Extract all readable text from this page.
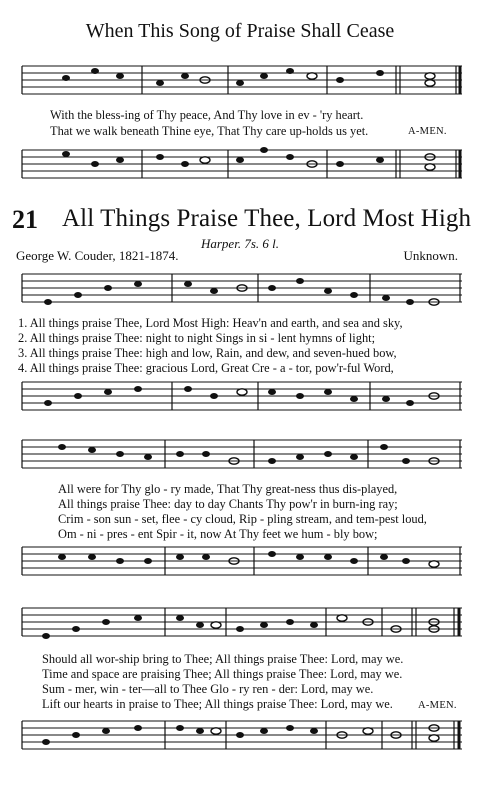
When This Song of Praise Shall Cease
With the bless-ing of Thy peace, And Thy love in ev - 'ry heart.
That we walk beneath Thine eye, That Thy care up-holds us yet.	A-MEN.
21 All Things Praise Thee, Lord Most High
Harper. 7s. 6 l.
George W. Couder, 1821-1874.	Unknown.
1. All things praise Thee, Lord Most High: Heav'n and earth, and sea and sky,
2. All things praise Thee: night to night Sings in si - lent hymns of light;
3. All things praise Thee: high and low, Rain, and dew, and seven-hued bow,
4. All things praise Thee: gracious Lord, Great Cre - a - tor, pow'r-ful Word,
All were for Thy glo - ry made, That Thy great-ness thus dis-played,
All things praise Thee: day to day Chants Thy pow'r in burn-ing ray;
Crim - son sun - set, flee - cy cloud, Rip - pling stream, and tem-pest loud,
Om - ni - pres - ent Spir - it, now At Thy feet we hum - bly bow;
Should all wor-ship bring to Thee; All things praise Thee: Lord, may we.
Time and space are praising Thee; All things praise Thee: Lord, may we.
Sum - mer, win - ter—all to Thee Glo - ry ren - der: Lord, may we.
Lift our hearts in praise to Thee; All things praise Thee: Lord, may we. A-MEN.
